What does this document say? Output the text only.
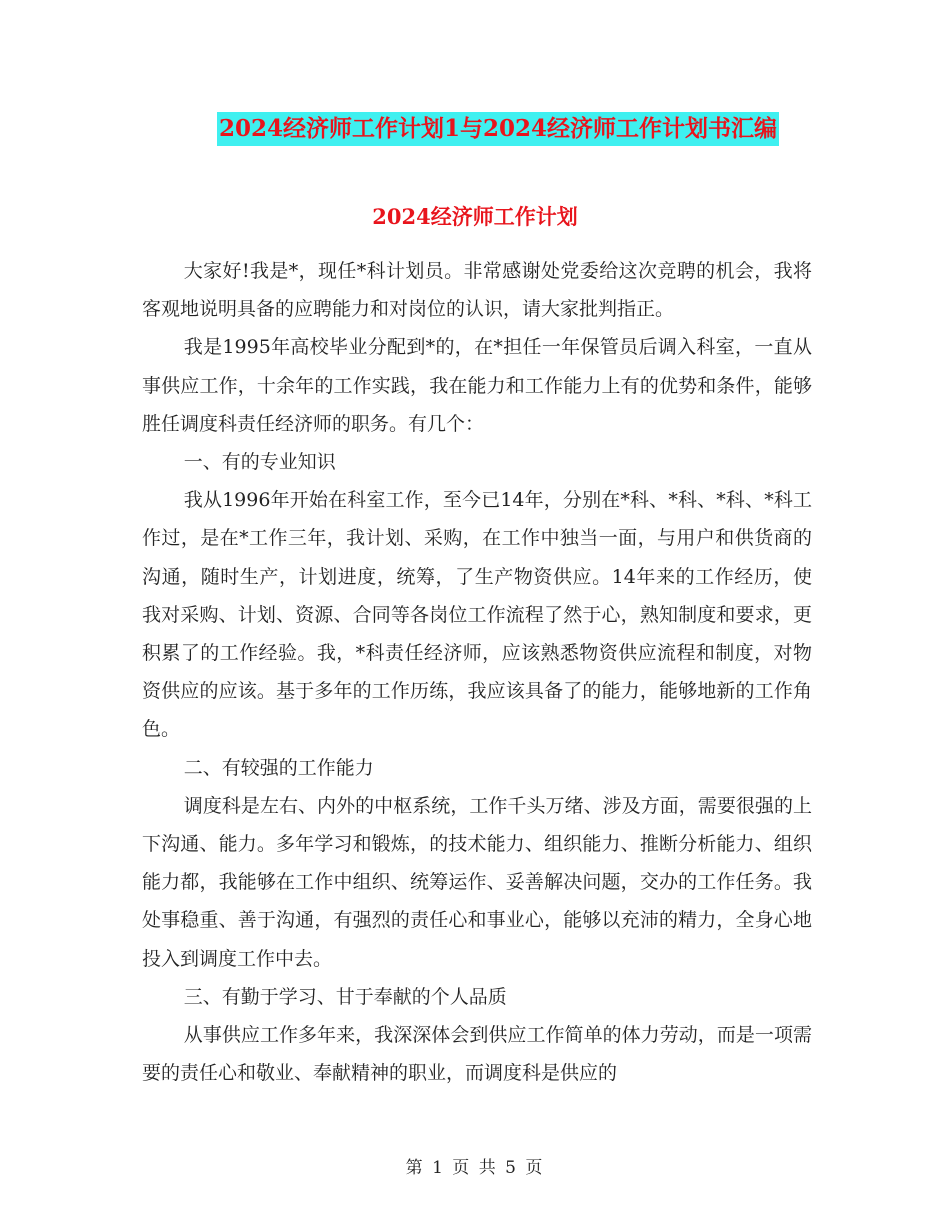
2024经济师工作计划1与2024经济师工作计划书汇编
2024经济师工作计划

大家好!我是*，现任*科计划员。非常感谢处党委给这次竞聘的机会，我将客观地说明具备的应聘能力和对岗位的认识，请大家批判指正。

我是1995年高校毕业分配到*的，在*担任一年保管员后调入科室，一直从事供应工作，十余年的工作实践，我在能力和工作能力上有的优势和条件，能够胜任调度科责任经济师的职务。有几个：

一、有的专业知识

我从1996年开始在科室工作，至今已14年，分别在*科、*科、*科、*科工作过，是在*工作三年，我计划、采购，在工作中独当一面，与用户和供货商的沟通，随时生产，计划进度，统筹，了生产物资供应。14年来的工作经历，使我对采购、计划、资源、合同等各岗位工作流程了然于心，熟知制度和要求，更积累了的工作经验。我，*科责任经济师，应该熟悉物资供应流程和制度，对物资供应的应该。基于多年的工作历练，我应该具备了的能力，能够地新的工作角色。

二、有较强的工作能力

调度科是左右、内外的中枢系统，工作千头万绪、涉及方面，需要很强的上下沟通、能力。多年学习和锻炼，的技术能力、组织能力、推断分析能力、组织能力都，我能够在工作中组织、统筹运作、妥善解决问题，交办的工作任务。我处事稳重、善于沟通，有强烈的责任心和事业心，能够以充沛的精力，全身心地投入到调度工作中去。

三、有勤于学习、甘于奉献的个人品质

从事供应工作多年来，我深深体会到供应工作简单的体力劳动，而是一项需要的责任心和敬业、奉献精神的职业，而调度科是供应的

第 1 页 共 5 页
